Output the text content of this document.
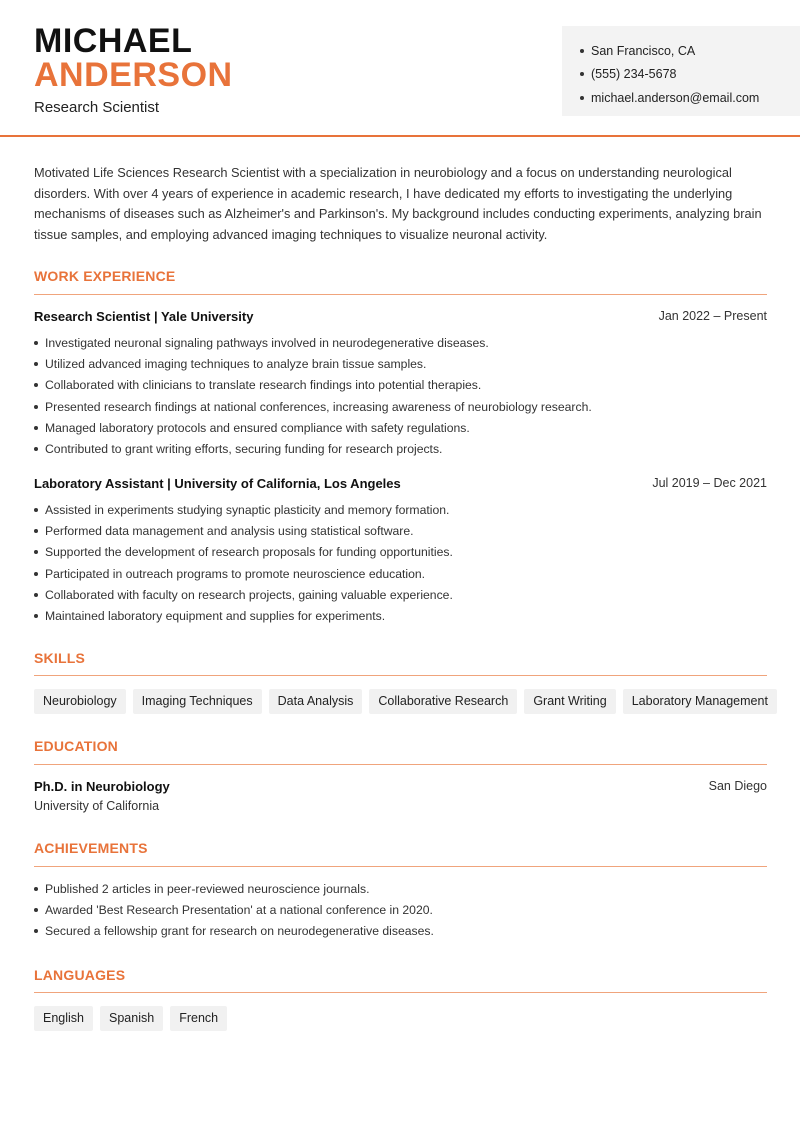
MICHAEL
ANDERSON
Research Scientist
San Francisco, CA
(555) 234-5678
michael.anderson@email.com

Motivated Life Sciences Research Scientist with a specialization in neurobiology and a focus on understanding neurological disorders. With over 4 years of experience in academic research, I have dedicated my efforts to investigating the underlying mechanisms of diseases such as Alzheimer's and Parkinson's. My background includes conducting experiments, analyzing brain tissue samples, and employing advanced imaging techniques to visualize neuronal activity.

WORK EXPERIENCE
Research Scientist | Yale University	Jan 2022 – Present
Investigated neuronal signaling pathways involved in neurodegenerative diseases.
Utilized advanced imaging techniques to analyze brain tissue samples.
Collaborated with clinicians to translate research findings into potential therapies.
Presented research findings at national conferences, increasing awareness of neurobiology research.
Managed laboratory protocols and ensured compliance with safety regulations.
Contributed to grant writing efforts, securing funding for research projects.
Laboratory Assistant | University of California, Los Angeles	Jul 2019 – Dec 2021
Assisted in experiments studying synaptic plasticity and memory formation.
Performed data management and analysis using statistical software.
Supported the development of research proposals for funding opportunities.
Participated in outreach programs to promote neuroscience education.
Collaborated with faculty on research projects, gaining valuable experience.
Maintained laboratory equipment and supplies for experiments.
SKILLS
Neurobiology	Imaging Techniques	Data Analysis	Collaborative Research	Grant Writing	Laboratory Management
EDUCATION
Ph.D. in Neurobiology	San Diego
University of California
ACHIEVEMENTS
Published 2 articles in peer-reviewed neuroscience journals.
Awarded 'Best Research Presentation' at a national conference in 2020.
Secured a fellowship grant for research on neurodegenerative diseases.
LANGUAGES
English	Spanish	French
